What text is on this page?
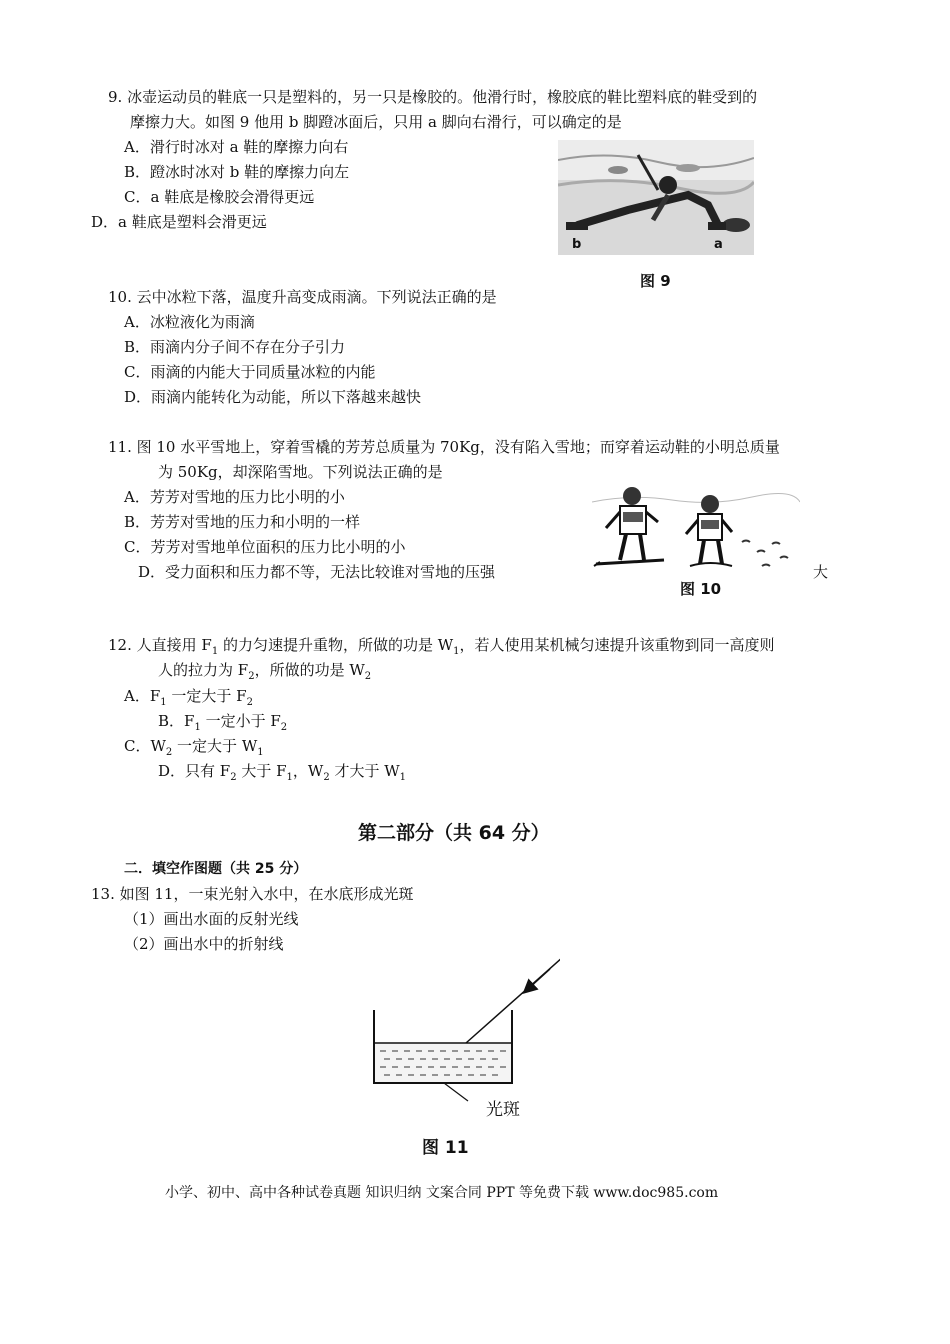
9. 冰壶运动员的鞋底一只是塑料的，另一只是橡胶的。他滑行时，橡胶底的鞋比塑料底的鞋受到的
摩擦力大。如图 9 他用 b 脚蹬冰面后，只用 a 脚向右滑行，可以确定的是
A．滑行时冰对 a 鞋的摩擦力向右
B．蹬冰时冰对 b 鞋的摩擦力向左
C．a 鞋底是橡胶会滑得更远
D．a 鞋底是塑料会滑更远
b	a
图 9
10. 云中冰粒下落，温度升高变成雨滴。下列说法正确的是
A．冰粒液化为雨滴
B．雨滴内分子间不存在分子引力
C．雨滴的内能大于同质量冰粒的内能
D．雨滴内能转化为动能，所以下落越来越快
11. 图 10 水平雪地上，穿着雪橇的芳芳总质量为 70Kg，没有陷入雪地；而穿着运动鞋的小明总质量
为 50Kg，却深陷雪地。下列说法正确的是
A．芳芳对雪地的压力比小明的小
B．芳芳对雪地的压力和小明的一样
C．芳芳对雪地单位面积的压力比小明的小
D．受力面积和压力都不等，无法比较谁对雪地的压强	大
图 10
12. 人直接用 $F_1$ 的力匀速提升重物，所做的功是 $W_1$，若人使用某机械匀速提升该重物到同一高度则
人的拉力为 $F_2$，所做的功是 $W_2$
A．$F_1$ 一定大于 $F_2$
B．$F_1$ 一定小于 $F_2$
C．$W_2$ 一定大于 $W_1$
D．只有 $F_2$ 大于 $F_1$，$W_2$ 才大于 $W_1$
第二部分（共 64 分）
二．填空作图题（共 25 分）
13. 如图 11，一束光射入水中，在水底形成光斑
（1）画出水面的反射光线
（2）画出水中的折射线
光斑
图 11
小学、初中、高中各种试卷真题 知识归纳 文案合同 PPT 等免费下载 www.doc985.com
